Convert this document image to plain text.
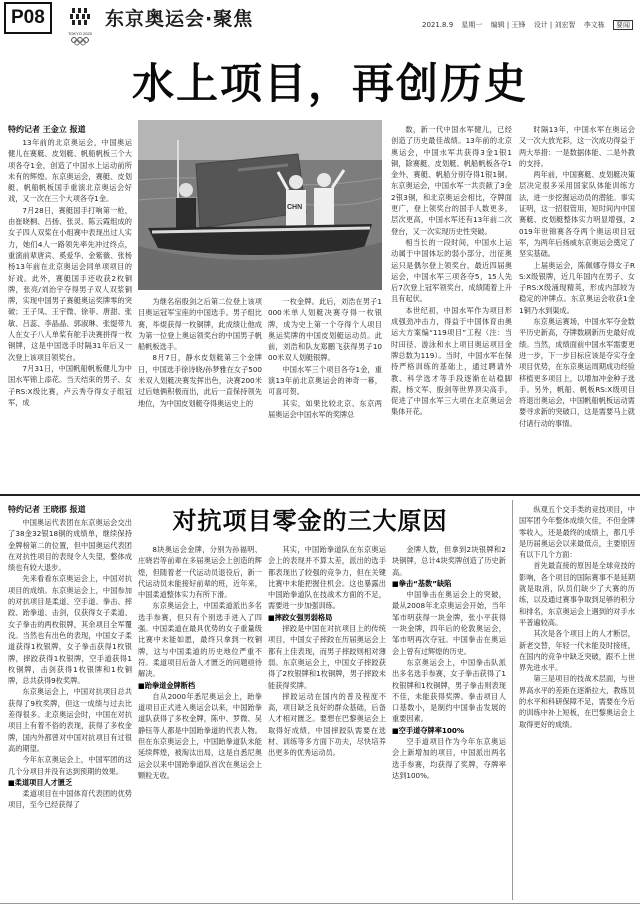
P08
TOKYO 2020
东京奥运会·聚焦	2021.8.9 星期一 编辑 | 王锋 设计 | 刘宏智 李文栋 要闻
水上项目，再创历史
特约记者 王金立 报道

13年前的北京奥运会，中国奥运健儿在赛艇、皮划艇、帆船帆板三个大项各夺1金，创造了中国水上运动前所未有的辉煌。东京奥运会，赛艇、皮划艇、帆船帆板国手重演北京奥运会好戏，又一次在三个大项各夺1金。

7月28日，赛艇国手打响第一枪，由崔晓桐、吕扬、张灵、陈云霞组成的女子四人双桨在小组赛中表现出过人实力，她们4人一路领先率先冲过终点，重演前辈唐宾、奚爱华、金紫薇、张杨杨13年前在北京奥运会同单项项目的好戏。此外，赛艇国手还收获2枚铜牌，张亮/刘治宇夺得男子双人双浆铜牌，实现中国男子赛艇奥运奖牌零的突破；王子凤、王宇微、徐菲、唐甜、张敏、吕蕊、李晶晶、郭淑琳、张缇带九人在女子八人单桨有舵手决赛拼得一枚铜牌，这是中国选手时隔31年后又一次登上该项目领奖台。

7月31日，中国帆船帆板健儿为中国水军锦上添花。当天结束的男子、女子RS:X级比赛，卢云秀夺得女子组冠军，成

CHN

为继名宿殷剑之后第二位登上该项目奥运冠军宝座的中国选手。男子组比赛，毕焜获得一枚铜牌，此成绩让他成为第一位登上奥运领奖台的中国男子帆船帆板选手。

8月7日，静水皮划艇第三个金牌日，中国选手徐诗晓/孙梦雅在女子500米双人划艇决赛发挥出色，决赛200米过后她俩积极而出，此后一直保持领先地位，为中国皮划艇夺得奥运史上的

一枚金牌。此后，刘浩在男子1000米单人划艇决赛夺得一枚银牌，成为史上第一个夺得个人项目奥运奖牌的中国皮划艇运动员。此前，刘浩和队友郑鹏飞获得男子1000米双人划艇银牌。

中国水军三个项目各夺1金，重演13年前北京奥运会的神奇一幕，可喜可贺。

其实，如果比较北京、东京两届奥运会中国水军的奖牌总

数，新一代中国水军健儿，已经创造了历史最佳战绩。13年前的北京奥运会，中国水军共获得3金1银1铜，除赛艇、皮划艇、帆船帆板各夺1金外，赛艇、帆船分别夺得1银1铜。东京奥运会，中国水军一共贡献了3金2银3铜，和北京奥运会相比，夺牌面更广，登上领奖台的国手人数更多，层次更高，中国水军还有13年前二次登台，又一次实现历史性突破。

相当长的一段时间，中国水上运动属于中国体坛的弱小部分，出征奥运只是偶尔登上领奖台，最近四届奥运会，中国水军三项各夺5，15人先后7次登上冠军领奖台，成绩随着上升且有起伏。

本世纪初，中国水军作为项目形成强劲冲击力，得益于中国体育由奥运大方案编“119项目”工程（注：当时田径、游泳和水上项目奥运项目金牌总数为119）。当时，中国水军在保持严格训练的基础上，通过聘请外教、科学选才等手段逐渐在站稳脚跟，杨文军、殷剑等世界顶尖高手，促进了中国水军三大项在北京奥运会集体开花。

时隔13年，中国水军在奥运会又一次大放光彩，这一次成功得益于两大举措：一是数据体能、二是外教的支持。

两年前，中国赛艇、皮划艇决策层决定很多采用国家队体能训练方法，进一步挖掘运动员的潜能。事实证明，这一招很管用，短时间内中国赛艇、皮划艇整体实力明显增强，2019年世锦赛各夺两个奥运项目冠军，为两年后扬威东京奥运会奠定了坚实基础。

上届奥运会，陈佩娜夺得女子RS:X级银牌，近几年国内在男子、女子RS:X级涌现精英，形成内部较为稳定的冲牌点。东京奥运会收获1金1铜乃水到渠成。

东京奥运赛场，中国水军夺金数平历史新高，夺牌数刷新历史最好成绩。当然，成绩面前中国水军需要更进一步，下一步目标应该是夺实夺金项目优势，在东京奥运周期成功经验移植更多项目上，以增加冲金种子选手。另外，帆船、帆板RS:X级项目将退出奥运会，中国帆船帆板运动需要寻求新的突破口，这是需要马上就付诸行动的事情。

对抗项目零金的三大原因
特约记者 王晓郡 报道

中国奥运代表团在东京奥运会交出了38金32银18铜的成绩单，继续保持金牌榜第二的位置，但中国奥运代表团在对抗性项目的表现令人失望，整体成绩也有较大退步。

先来看看东京奥运会上，中国对抗项目的成绩。东京奥运会上，中国参加的对抗项目是柔道、空手道、拳击、摔跤、跆拳道、击剑，仅获得女子柔道、女子拳击的两枚银牌，其余项目全军覆没。当然也有出色的表现，中国女子柔道获得1枚银牌，女子拳击获得1枚银牌，摔跤获得1枚银牌，空手道获得1枚铜牌，击剑获得1枚银牌和1枚铜牌，总共获得9枚奖牌。

东京奥运会上，中国对抗项目总共获得了9枚奖牌，但这一成绩与过去比差得很多。北京奥运会时，中国在对抗项目上有着不俗的表现，获得了多枚金牌，国内外都曾对中国对抗项目有过很高的期望。

今年东京奥运会上，中国军团的这几个分项目并没有达到预期的效果。

■柔道项目人才匮乏

柔道项目在中国体育代表团的优势项目，至今已经获得了

8块奥运会金牌，分别为孙福明、庄晓岩等前辈在多届奥运会上创造的辉煌，但随着老一代运动员退役后，新一代运动员未能接好前辈的班，近年来，中国柔道整体实力有所下滑。

东京奥运会上，中国柔道派出多名选手参赛，但只有个别选手进入了四强。中国柔道在最具优势的女子重量级比赛中未能如愿，最终只拿到一枚铜牌，这与中国柔道的历史地位严重不符。柔道项目后备人才匮乏的问题亟待解决。

■跆拳道金牌断档

自从2000年悉尼奥运会上，跆拳道项目正式进入奥运会以来，中国跆拳道队获得了多枚金牌，陈中、罗微、吴静钰等人都是中国跆拳道的代表人物。但在东京奥运会上，中国跆拳道队未能延续辉煌，被淘汰出局，这是自悉尼奥运会以来中国跆拳道队首次在奥运会上颗粒无收。

其实，中国跆拳道队在东京奥运会上的表现并不算太差，派出的选手都表现出了较强的竞争力，但在关键比赛中未能把握住机会。这也暴露出中国跆拳道队在技战术方面的不足，需要进一步加强训练。

■摔跤女强男弱格局

摔跤是中国在对抗项目上的传统项目，中国女子摔跤在历届奥运会上都有上佳表现，而男子摔跤则相对薄弱。东京奥运会上，中国女子摔跤获得了2枚银牌和1枚铜牌，男子摔跤未能获得奖牌。

摔跤运动在国内的普及程度不高，项目缺乏良好的群众基础，后备人才相对匮乏。要想在巴黎奥运会上取得好成绩，中国摔跤队需要在选材、训练等多方面下功夫，尽快培养出更多的优秀运动员。

金牌人数，但拿到2块银牌和2块铜牌，总计4块奖牌创造了历史新高。

■拳击“基数”缺陷

中国拳击在奥运会上的突破，最从2008年北京奥运会开始，当年邹市明获得一块金牌，张小平获得一块金牌，四年后的伦敦奥运会，邹市明再次夺冠。中国拳击在奥运会上曾有过辉煌的历史。

东京奥运会上，中国拳击队派出多名选手参赛，女子拳击获得了1枚银牌和1枚铜牌，男子拳击则表现不佳，未能获得奖牌。拳击项目人口基数小，是制约中国拳击发展的重要因素。

■空手道夺牌率100%

空手道项目作为今年东京奥运会上新增加的项目，中国派出两名选手参赛，均获得了奖牌，夺牌率达到100%。

纵观五个交手类的竞技项目，中国军团今年整体成绩欠佳，不但金牌零收入，还是最终的成绩上，都几乎是历届奥运会以来最低点，主要原因有以下几个方面：

首先最直接的原因是全球竞技的影响，各个项目的国际赛事不是延期就是取消，队员们缺少了大赛的历练，以及通过赛事争取到足够的积分和排名，东京奥运会上遇到的对手水平普遍较高。

其次是各个项目上的人才断层，新老交替，年轻一代未能及时接班，在国内的竞争中缺乏突破，跟不上世界先进水平。

第三是项目的技战术层面，与世界高水平的差距在逐渐拉大，教练员的水平和科研保障不足，需要在今后的训练中补上短板，在巴黎奥运会上取得更好的成绩。
